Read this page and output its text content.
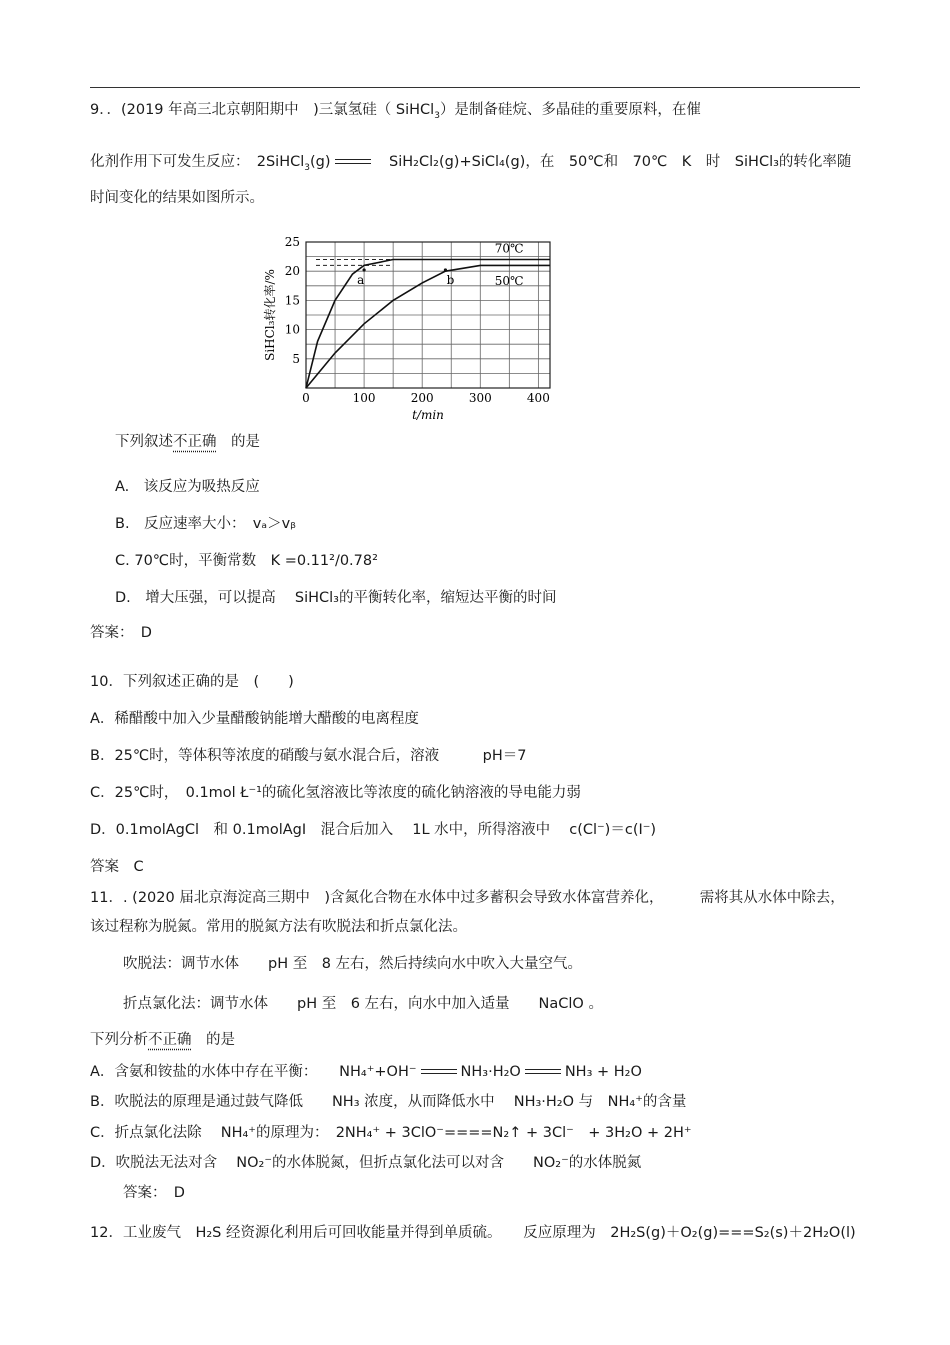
9．．(2019 年高三北京朝阳期中　)三氯氢硅（ SiHCl$_3$）是制备硅烷、多晶硅的重要原料，在催
化剂作用下可发生反应：　2SiHCl$_3$(g)　	SiH₂Cl₂(g)+SiCl₄(g)，在　50℃和　70℃　K　时　SiHCl₃的转化率随
时间变化的结果如图所示。
70℃
50℃
a	b
0	100	200	300	400
5
10
15
20
25
t/min
SiHCl₃转化率/%
下列叙述不正确　 的是
A.　该反应为吸热反应
B.　反应速率大小：　vₐ＞vᵦ
C. 70℃时，平衡常数　K =0.11²/0.78²
D.　增大压强，可以提高　 SiHCl₃的平衡转化率，缩短达平衡的时间
答案：　D
10．下列叙述正确的是　(　　)
A．稀醋酸中加入少量醋酸钠能增大醋酸的电离程度
B．25℃时，等体积等浓度的硝酸与氨水混合后，溶液　　　pH＝7
C．25℃时，　0.1mol Ł⁻¹的硫化氢溶液比等浓度的硫化钠溶液的导电能力弱
D．0.1molAgCl　和 0.1molAgI　混合后加入　 1L 水中，所得溶液中　 c(Cl⁻)＝c(I⁻)
答案　C
11．. (2020 届北京海淀高三期中　)含氮化合物在水体中过多蓄积会导致水体富营养化，　　　需将其从水体中除去，
该过程称为脱氮。常用的脱氮方法有吹脱法和折点氯化法。
吹脱法：调节水体　　pH 至　8 左右，然后持续向水中吹入大量空气。
折点氯化法：调节水体　　pH 至　6 左右，向水中加入适量　　NaClO 。
下列分析不正确　 的是
A．含氨和铵盐的水体中存在平衡：　　NH₄⁺+OH⁻	NH₃·H₂O	NH₃ + H₂O
B．吹脱法的原理是通过鼓气降低　　NH₃ 浓度，从而降低水中　 NH₃·H₂O 与　NH₄⁺的含量
C．折点氯化法除　 NH₄⁺的原理为：　2NH₄⁺ + 3ClO⁻====N₂↑ + 3Cl⁻　+ 3H₂O + 2H⁺
D．吹脱法无法对含　 NO₂⁻的水体脱氮，但折点氯化法可以对含　　NO₂⁻的水体脱氮
答案：　D
12．工业废气　H₂S 经资源化利用后可回收能量并得到单质硫。　　反应原理为　2H₂S(g)＋O₂(g)===S₂(s)＋2H₂O(l)
